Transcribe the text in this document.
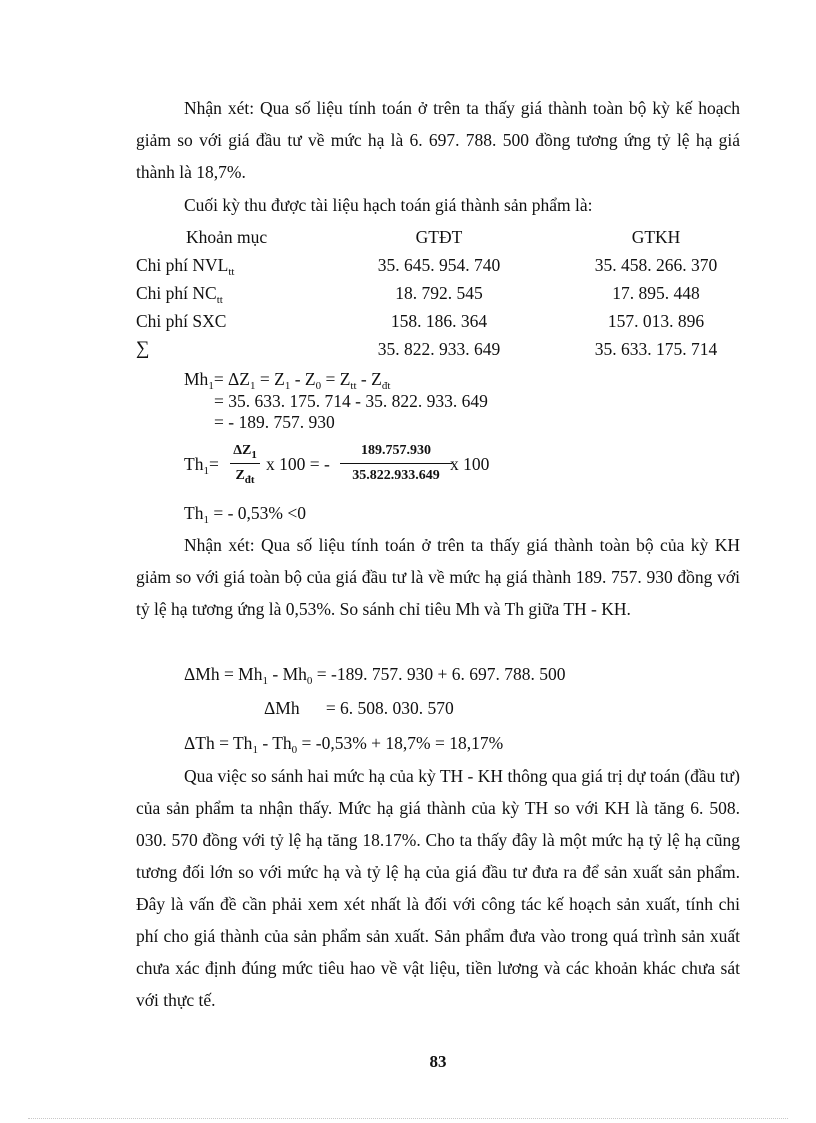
Nhận xét: Qua số liệu tính toán ở trên ta thấy giá thành toàn bộ kỳ kế hoạch giảm so với giá đầu tư về mức hạ là 6. 697. 788. 500 đồng tương ứng tỷ lệ hạ giá thành là 18,7%.

Cuối kỳ thu được tài liệu hạch toán giá thành sản phẩm là:

Khoản mục	GTĐT	GTKH
Chi phí $NVL_{tt}$	35. 645. 954. 740	35. 458. 266. 370
Chi phí $NC_{tt}$	18. 792. 545	17. 895. 448
Chi phí SXC	158. 186. 364	157. 013. 896
∑	35. 822. 933. 649	35. 633. 175. 714

$Mh_1= \Delta Z_1 = Z_1 - Z_0 = Z_{tt} - Z_{đt}$

= 35. 633. 175. 714 - 35. 822. 933. 649

= - 189. 757. 930

$Th_1=$
$\Delta Z_1$
$Z_{đt}$
x 100 = -
189.757.930
35.822.933.649
x 100

$Th_1$ = - 0,53% <0

Nhận xét: Qua số liệu tính toán ở trên ta thấy giá thành toàn bộ của kỳ KH giảm so với giá toàn bộ của giá đầu tư là về mức hạ giá thành 189. 757. 930 đồng với tỷ lệ hạ tương ứng là 0,53%. So sánh chỉ tiêu Mh và Th giữa TH - KH.

$\Delta Mh = Mh_1 - Mh_0 = -189$. 757. 930 + 6. 697. 788. 500

ΔMh      = 6. 508. 030. 570

$\Delta Th = Th_1 - Th_0 = -0,53\% + 18,7\% = 18,17\%$

Qua việc so sánh hai mức hạ của kỳ TH - KH thông qua giá trị dự toán (đầu tư) của sản phẩm ta nhận thấy. Mức hạ giá thành của kỳ TH so với KH là tăng 6. 508. 030. 570 đồng với tỷ lệ hạ tăng 18.17%. Cho ta thấy đây là một mức hạ tỷ lệ hạ cũng tương đối lớn so với mức hạ và tỷ lệ hạ của giá đầu tư đưa ra để sản xuất sản phẩm. Đây là vấn đề cần phải xem xét nhất là đối với công tác kế hoạch sản xuất, tính chi phí cho giá thành của sản phẩm sản xuất. Sản phẩm đưa vào trong quá trình sản xuất chưa xác định đúng mức tiêu hao về vật liệu, tiền lương và các khoản khác chưa sát với thực tế.

83
